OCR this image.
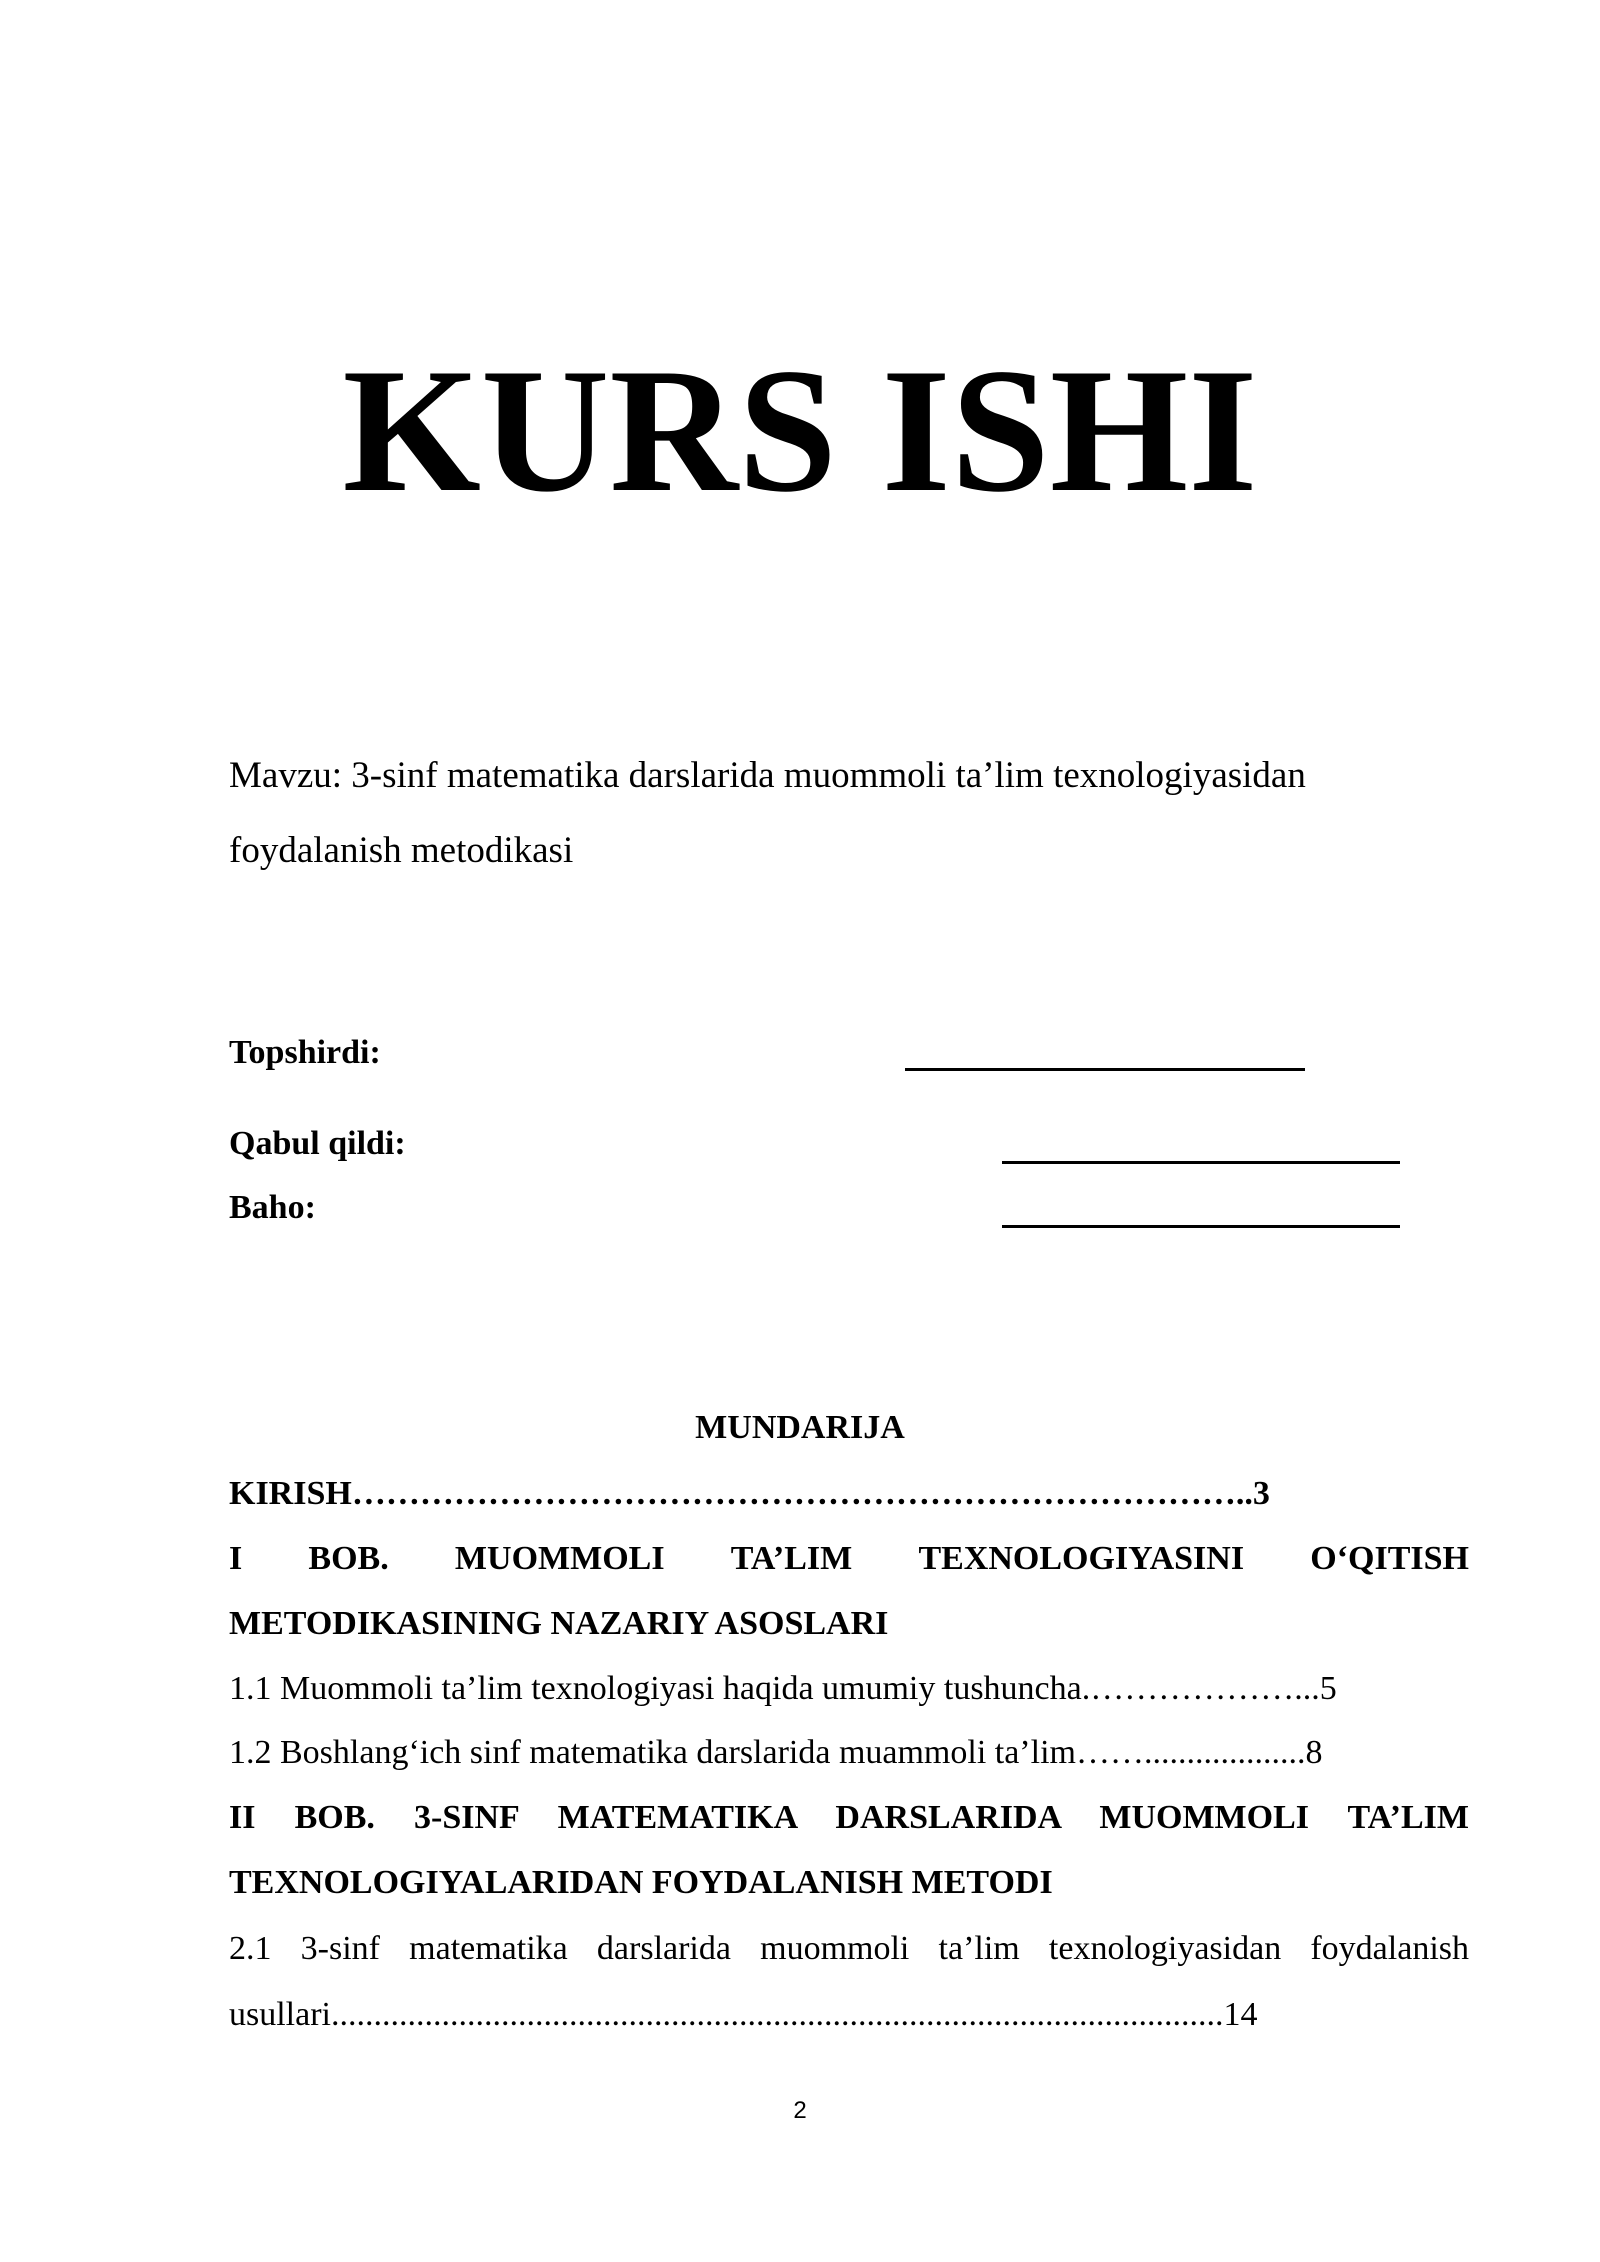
KURS ISHI
Mavzu: 3-sinf matematika darslarida muommoli ta’lim texnologiyasidan
foydalanish metodikasi
Topshirdi:
Qabul qildi:
Baho:
MUNDARIJA
KIRISH……………………………………………………………………..3
I BOB. MUOMMOLI TA’LIM TEXNOLOGIYASINI O‘QITISH
METODIKASINING NAZARIY ASOSLARI
1.1 Muommoli ta’lim texnologiyasi haqida umumiy tushuncha.………………...5
1.2 Boshlang‘ich sinf matematika darslarida muammoli ta’lim……...................8
II BOB. 3-SINF MATEMATIKA DARSLARIDA MUOMMOLI TA’LIM
TEXNOLOGIYALARIDAN FOYDALANISH METODI
2.1 3-sinf matematika darslarida muommoli ta’lim texnologiyasidan foydalanish
usullari.........................................................................................................14
2
